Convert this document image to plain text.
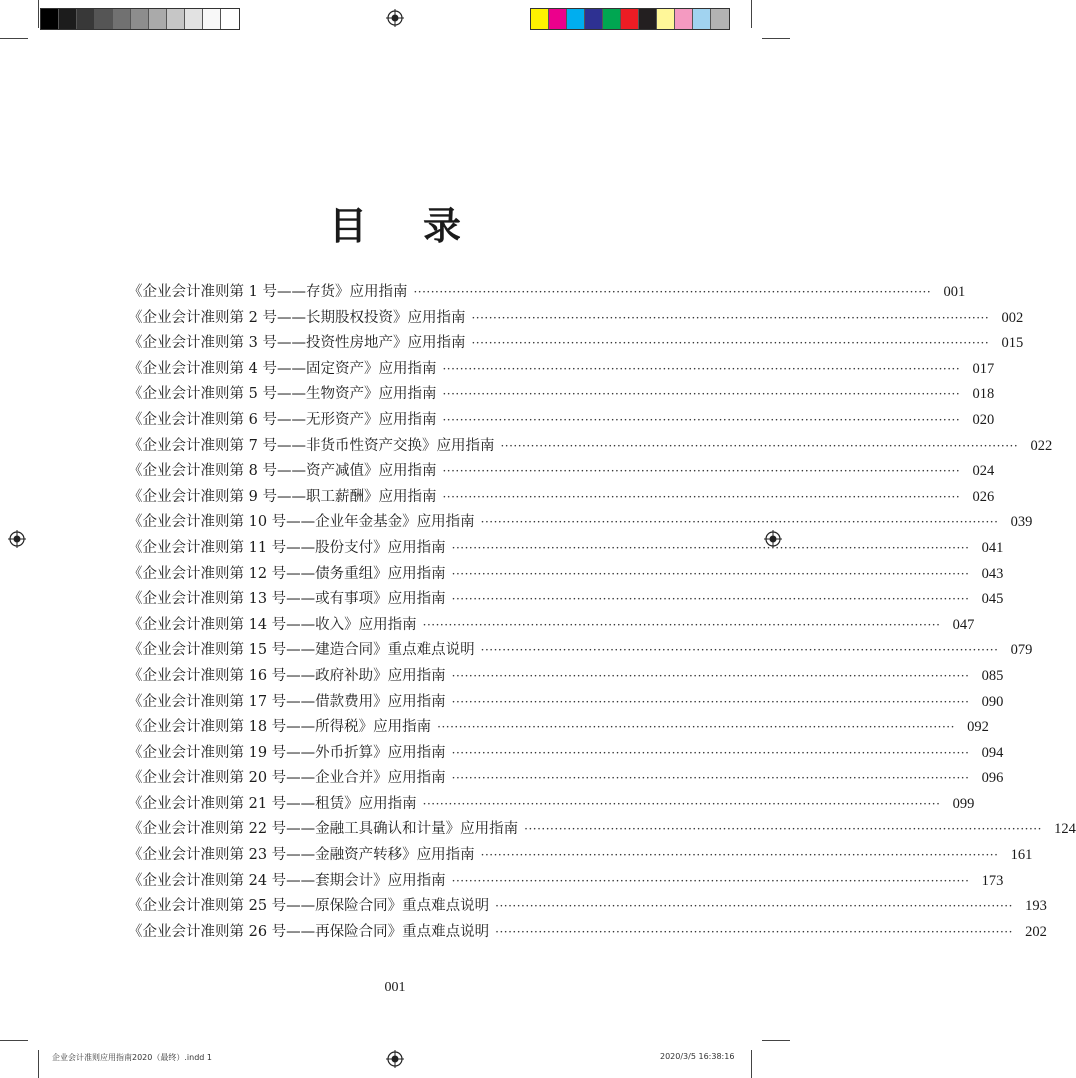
目录
《企业会计准则第 1 号——存货》应用指南 ························································································································ 001
《企业会计准则第 2 号——长期股权投资》应用指南 ························································································································ 002
《企业会计准则第 3 号——投资性房地产》应用指南 ························································································································ 015
《企业会计准则第 4 号——固定资产》应用指南 ························································································································ 017
《企业会计准则第 5 号——生物资产》应用指南 ························································································································ 018
《企业会计准则第 6 号——无形资产》应用指南 ························································································································ 020
《企业会计准则第 7 号——非货币性资产交换》应用指南 ························································································································ 022
《企业会计准则第 8 号——资产减值》应用指南 ························································································································ 024
《企业会计准则第 9 号——职工薪酬》应用指南 ························································································································ 026
《企业会计准则第 10 号——企业年金基金》应用指南 ························································································································ 039
《企业会计准则第 11 号——股份支付》应用指南 ························································································································ 041
《企业会计准则第 12 号——债务重组》应用指南 ························································································································ 043
《企业会计准则第 13 号——或有事项》应用指南 ························································································································ 045
《企业会计准则第 14 号——收入》应用指南 ························································································································ 047
《企业会计准则第 15 号——建造合同》重点难点说明 ························································································································ 079
《企业会计准则第 16 号——政府补助》应用指南 ························································································································ 085
《企业会计准则第 17 号——借款费用》应用指南 ························································································································ 090
《企业会计准则第 18 号——所得税》应用指南 ························································································································ 092
《企业会计准则第 19 号——外币折算》应用指南 ························································································································ 094
《企业会计准则第 20 号——企业合并》应用指南 ························································································································ 096
《企业会计准则第 21 号——租赁》应用指南 ························································································································ 099
《企业会计准则第 22 号——金融工具确认和计量》应用指南 ························································································································ 124
《企业会计准则第 23 号——金融资产转移》应用指南 ························································································································ 161
《企业会计准则第 24 号——套期会计》应用指南 ························································································································ 173
《企业会计准则第 25 号——原保险合同》重点难点说明 ························································································································ 193
《企业会计准则第 26 号——再保险合同》重点难点说明 ························································································································ 202
001
企业会计准则应用指南2020（最终）.indd 1	2020/3/5 16:38:16
